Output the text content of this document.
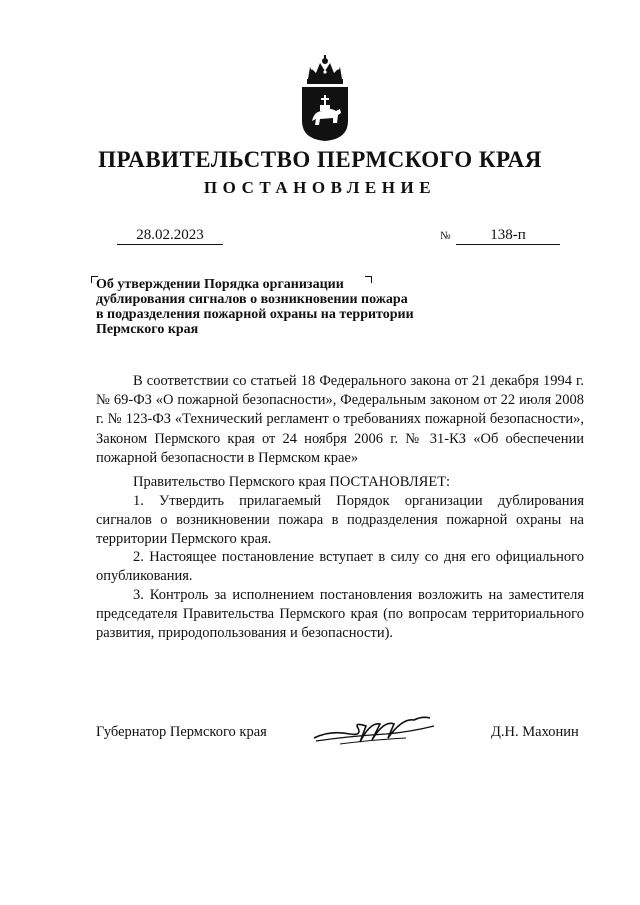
ПРАВИТЕЛЬСТВО ПЕРМСКОГО КРАЯ
ПОСТАНОВЛЕНИЕ
28.02.2023	№	138-п
Об утверждении Порядка организации дублирования сигналов о возникновении пожара в подразделения пожарной охраны на территории Пермского края

В соответствии со статьей 18 Федерального закона от 21 декабря 1994 г. № 69-ФЗ «О пожарной безопасности», Федеральным законом от 22 июля 2008 г. № 123-ФЗ «Технический регламент о требованиях пожарной безопасности», Законом Пермского края от 24 ноября 2006 г. № 31-КЗ «Об обеспечении пожарной безопасности в Пермском крае»

Правительство Пермского края ПОСТАНОВЛЯЕТ:

1. Утвердить прилагаемый Порядок организации дублирования сигналов о возникновении пожара в подразделения пожарной охраны на территории Пермского края.

2. Настоящее постановление вступает в силу со дня его официального опубликования.

3. Контроль за исполнением постановления возложить на заместителя председателя Правительства Пермского края (по вопросам территориального развития, природопользования и безопасности).

Губернатор Пермского края	Д.Н. Махонин
